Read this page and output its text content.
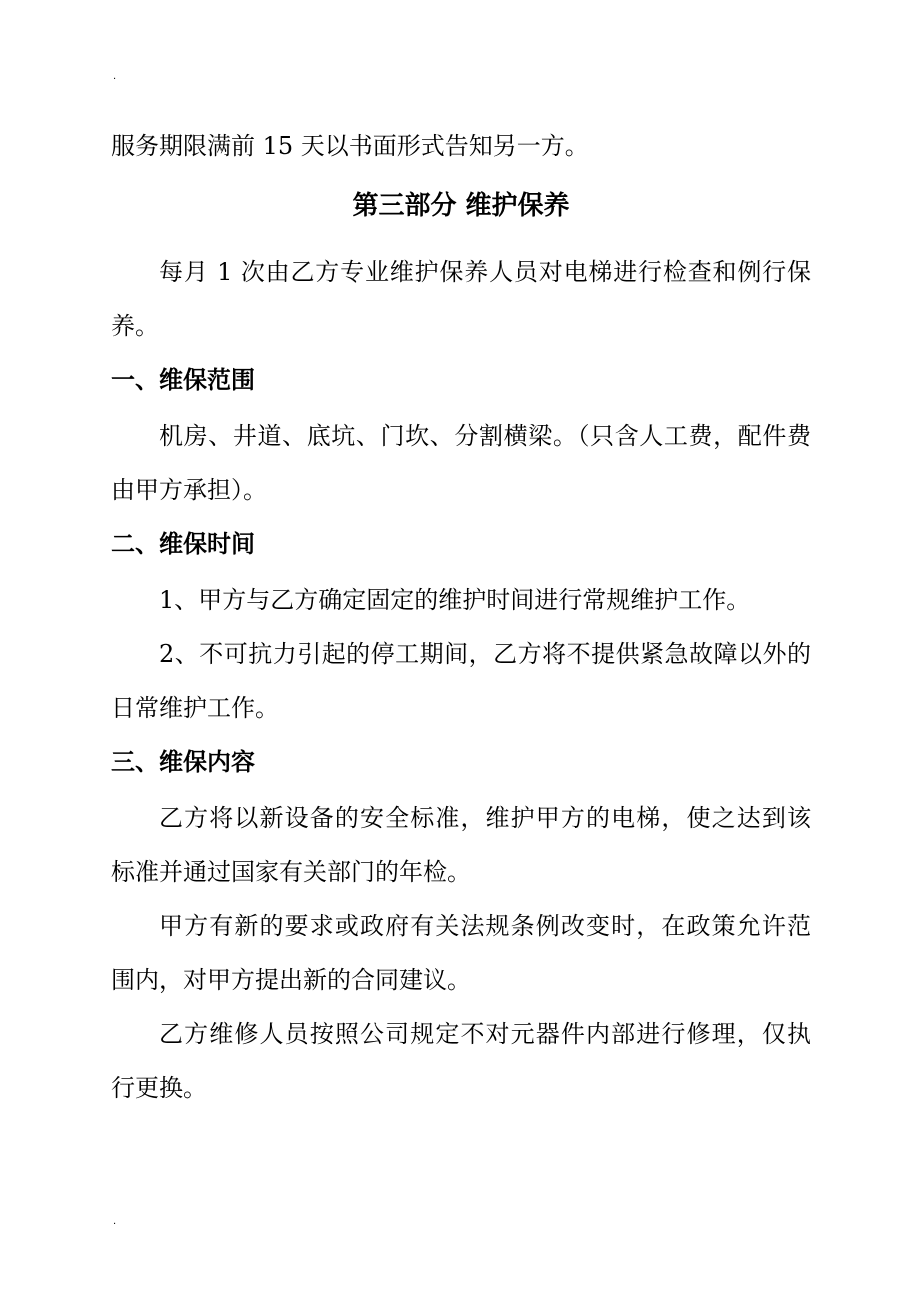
.
服务期限满前 15 天以书面形式告知另一方。
第三部分 维护保养
每月 1 次由乙方专业维护保养人员对电梯进行检查和例行保
养。
一、维保范围
机房、井道、底坑、门坎、分割横梁。（只含人工费，配件费
由甲方承担）。
二、维保时间
1、甲方与乙方确定固定的维护时间进行常规维护工作。
2、不可抗力引起的停工期间，乙方将不提供紧急故障以外的
日常维护工作。
三、维保内容
乙方将以新设备的安全标准，维护甲方的电梯，使之达到该
标准并通过国家有关部门的年检。
甲方有新的要求或政府有关法规条例改变时，在政策允许范
围内，对甲方提出新的合同建议。
乙方维修人员按照公司规定不对元器件内部进行修理，仅执
行更换。
.
